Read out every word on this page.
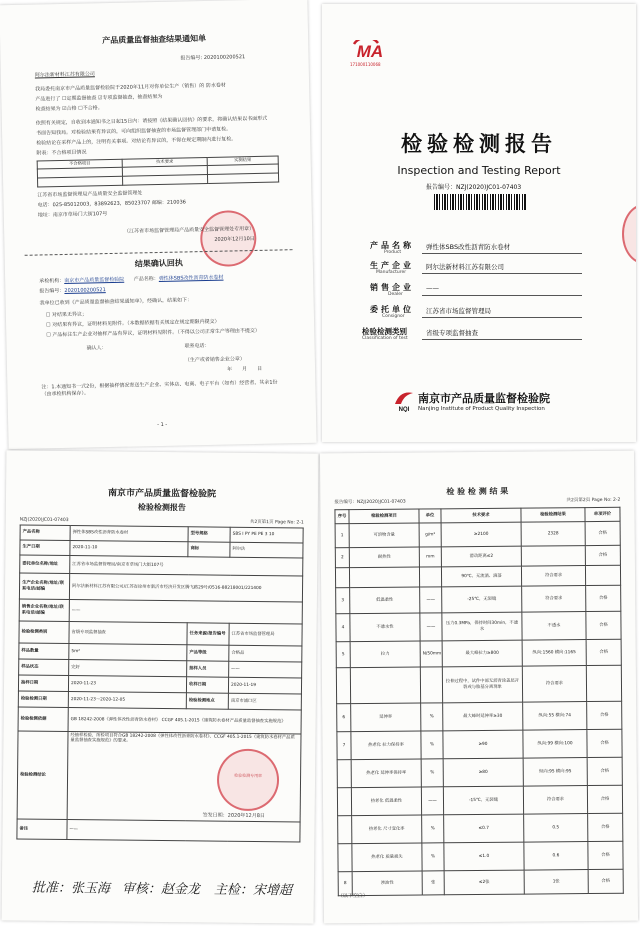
产品质量监督抽查结果通知单
报告编号: 2020100200521
阿尔法新材料江苏有限公司
我局委托南京市产品质量监督检验院于2020年11月对你单位生产（销售）的 防水卷材
产品进行了 ☐定期监督抽查 ☑专项监督抽查，抽查结果为
检查结果为 ☑合格 ☐不合格。
依照有关规定，自收到本通知书之日起15日内：请按照《结果确认回执》的要求，将确认结果以书面形式
书面告知我局。对检验结果有异议的，可向组织监督抽查的市场监督管理部门申请复检。
检验结论在采样产品上的，注明有关事项。对结论有异议的，不得在规定期限内进行复检。
附表：不合格项目情况
不合格项目	技术要求	实测结果

江苏省市场监督管理局产品质量安全监督管理处
电话：025-85012003，83892623，85023707 邮编：210036
地址：南京市草场门大街107号
（江苏省市场监督管理局产品质量安全监督管理处专用章）
2020年12月10日
结果确认回执
承检机构：南京市产品质量监督检验院 产品名称：弹性体SBS改性沥青防水卷材
报告编号：2020100200521
我单位已收到《产品质量监督抽查结果通知单》，经确认，结果如下：
☐ 对结果无异议；
☐ 对结果有异议，证明材料见附件。（本数据依据有关规定在规定期限内提交）
☐ 产品标注生产企业对抽样产品有异议，证明材料见附件。（不得以公司正常生产等理由不提交）
确认人：	联系电话：
（生产或者销售企业公章）
年　　月　　日
注：1.本通知书一式2份，根据抽样情况寄送生产企业、实体店、电商、电子平台（如有）经营者，其余1份（由承检机构保存）。
- 1 -
MA
171000110068
检验检测报告
Inspection and Testing Report
报告编号：NZJ(2020)JC01-07403
产品名称
Product
弹性体SBS改性沥青防水卷材
生产企业
Manufacturer
阿尔法新材料江苏有限公司
销售企业
Dealer
——
委托单位
Consignor
江苏省市场监督管理局
检验检测类别
Classification of test
省级专项监督抽查
NQI
南京市产品质量监督检验院
Nanjing Institute of Product Quality Inspection
南京市产品质量监督检验院
检验检测报告
NZJ(2020)JC01-07403	共2页第1页 Page No: 2-1
产品名称	弹性体SBS改性沥青防水卷材	型号规格	SBS I PY PE PE 3 10
生产日期	2020-11-10	商标	阿尔法
委托单位名称/地址	江苏省市场监督管理局/南京市草场门大街107号		
生产企业名称/地址/联系电话/邮编	阿尔法新材料江苏有限公司/江苏省徐州市新沂市经济开发区腾飞路29号/0516-88218001/221400		
销售企业名称/地址/联系电话/邮编	——		
检验检测类别	省级专项监督抽查	任务来源/报告编号	江苏省市场监督管理局
样品数量	5m²	产品等级	合格品
样品状态	完好	抽样人员	——
抽样日期	2020-11-23	收样日期	2020-11-19
检验检测日期	2020-11-23～2020-12-05	检验检测地点	南京市浦口区
检验检测依据	GB 18242-2008《弹性体改性沥青防水卷材》 CCGF 405.1-2015《建筑防水卷材产品质量监督抽查实施规范》		
检验检测结论	经抽样检验，所检项目符合GB 18242-2008《弹性体改性沥青防水卷材》、CCGF 405.1-2015《建筑防水卷材产品质量监督抽查实施规范》的要求。		
备注	——		
检验检测专用章
签发日期：2020年12月8日
批准：张玉海 审核：赵金龙 主检：宋增超
检 验 检 测 结 果
报告编号：NZJ(2020)JC01-07403	共2页第2页 Page No: 2-2
序号	检验检测项目	单位	技术要求	检验检测结果	单项评价
1	可溶物含量	g/m²	≥2100	2328	合格
2	耐热性	mm	滑动距离≤2		合格
			90℃，无流淌、滴落	符合要求	
3	低温柔性	——	-25℃，无裂缝	符合要求	合格
4	不透水性	——	压力0.3MPa，保持时间30min，不透水	不透水	合格
5	拉力	N/50mm	最大峰拉力≥800	纵向:1560 横向:1165	合格
			拉伸过程中，试件中部无沥青涂盖层开裂或与胎基分离现象	符合要求	
6	延伸率	%	最大峰时延伸率≥30	纵向:55 横向:74	合格
7	热老化 拉力保持率	%	≥90	纵向:99 横向:100	合格
	热老化 延伸率保持率	%	≥80	纵向:95 横向:95	合格
	热老化 低温柔性	——	-15℃，无裂缝	符合要求	合格
	热老化 尺寸变化率	%	≤0.7	0.5	合格
	热老化 质量损失	%	≤1.0	0.6	合格
8	渗油性	张	≤2张	1张	合格
（以下空白）
